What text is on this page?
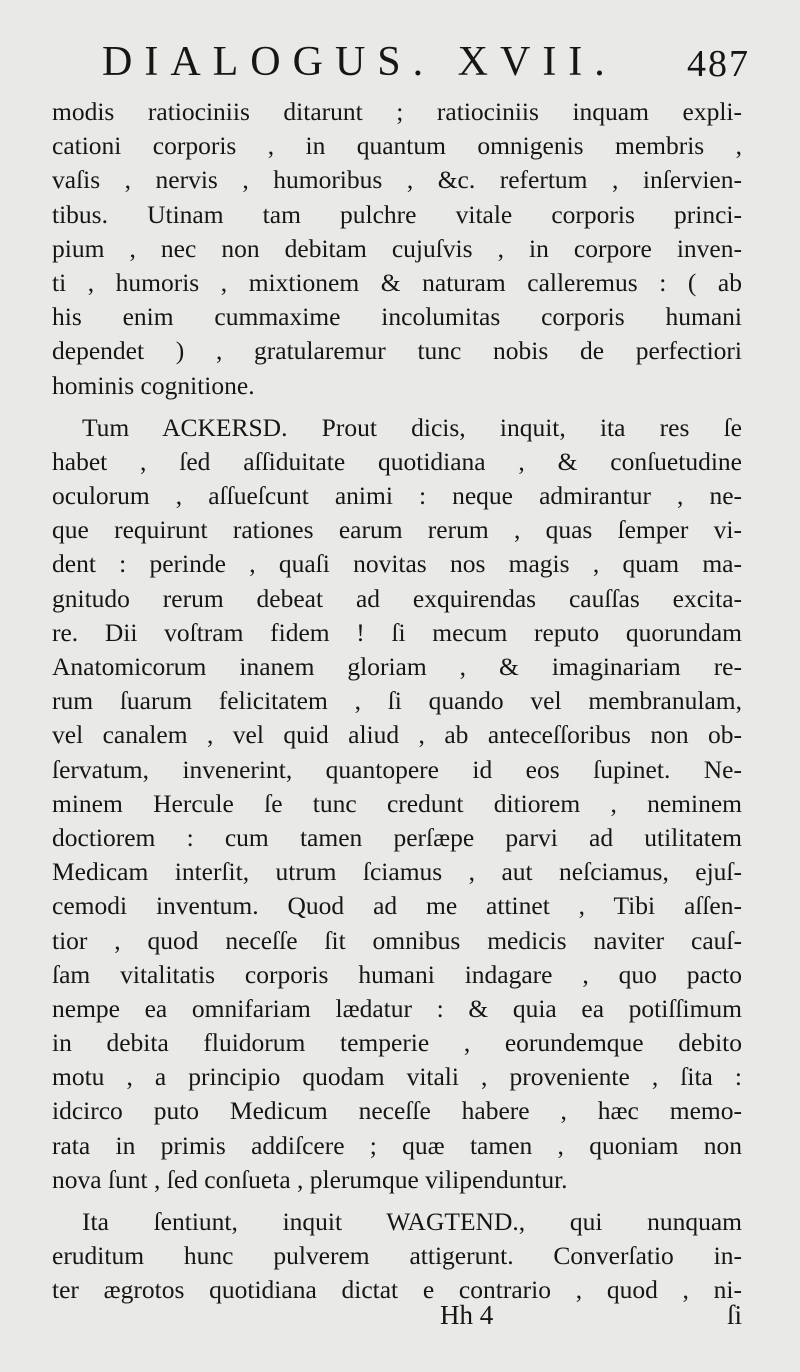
DIALOGUS. XVII. 487
modis ratiociniis ditarunt ; ratiociniis inquam expli-
cationi corporis , in quantum omnigenis membris ,
vaſis , nervis , humoribus , &c. refertum , inſervien-
tibus. Utinam tam pulchre vitale corporis princi-
pium , nec non debitam cujuſvis , in corpore inven-
ti , humoris , mixtionem & naturam calleremus : ( ab
his enim cummaxime incolumitas corporis humani
dependet ) , gratularemur tunc nobis de perfectiori
hominis cognitione.
Tum ACKERSD. Prout dicis, inquit, ita res ſe
habet , ſed aſſiduitate quotidiana , & conſuetudine
oculorum , aſſueſcunt animi : neque admirantur , ne-
que requirunt rationes earum rerum , quas ſemper vi-
dent : perinde , quaſi novitas nos magis , quam ma-
gnitudo rerum debeat ad exquirendas cauſſas excita-
re. Dii voſtram fidem ! ſi mecum reputo quorundam
Anatomicorum inanem gloriam , & imaginariam re-
rum ſuarum felicitatem , ſi quando vel membranulam,
vel canalem , vel quid aliud , ab anteceſſoribus non ob-
ſervatum, invenerint, quantopere id eos ſupinet. Ne-
minem Hercule ſe tunc credunt ditiorem , neminem
doctiorem : cum tamen perſæpe parvi ad utilitatem
Medicam interſit, utrum ſciamus , aut neſciamus, ejuſ-
cemodi inventum. Quod ad me attinet , Tibi aſſen-
tior , quod neceſſe ſit omnibus medicis naviter cauſ-
ſam vitalitatis corporis humani indagare , quo pacto
nempe ea omnifariam lædatur : & quia ea potiſſimum
in debita fluidorum temperie , eorundemque debito
motu , a principio quodam vitali , proveniente , ſita :
idcirco puto Medicum neceſſe habere , hæc memo-
rata in primis addiſcere ; quæ tamen , quoniam non
nova ſunt , ſed conſueta , plerumque vilipenduntur.
Ita ſentiunt, inquit WAGTEND., qui nunquam
eruditum hunc pulverem attigerunt. Converſatio in-
ter ægrotos quotidiana dictat e contrario , quod , ni-
Hh 4	ſi
